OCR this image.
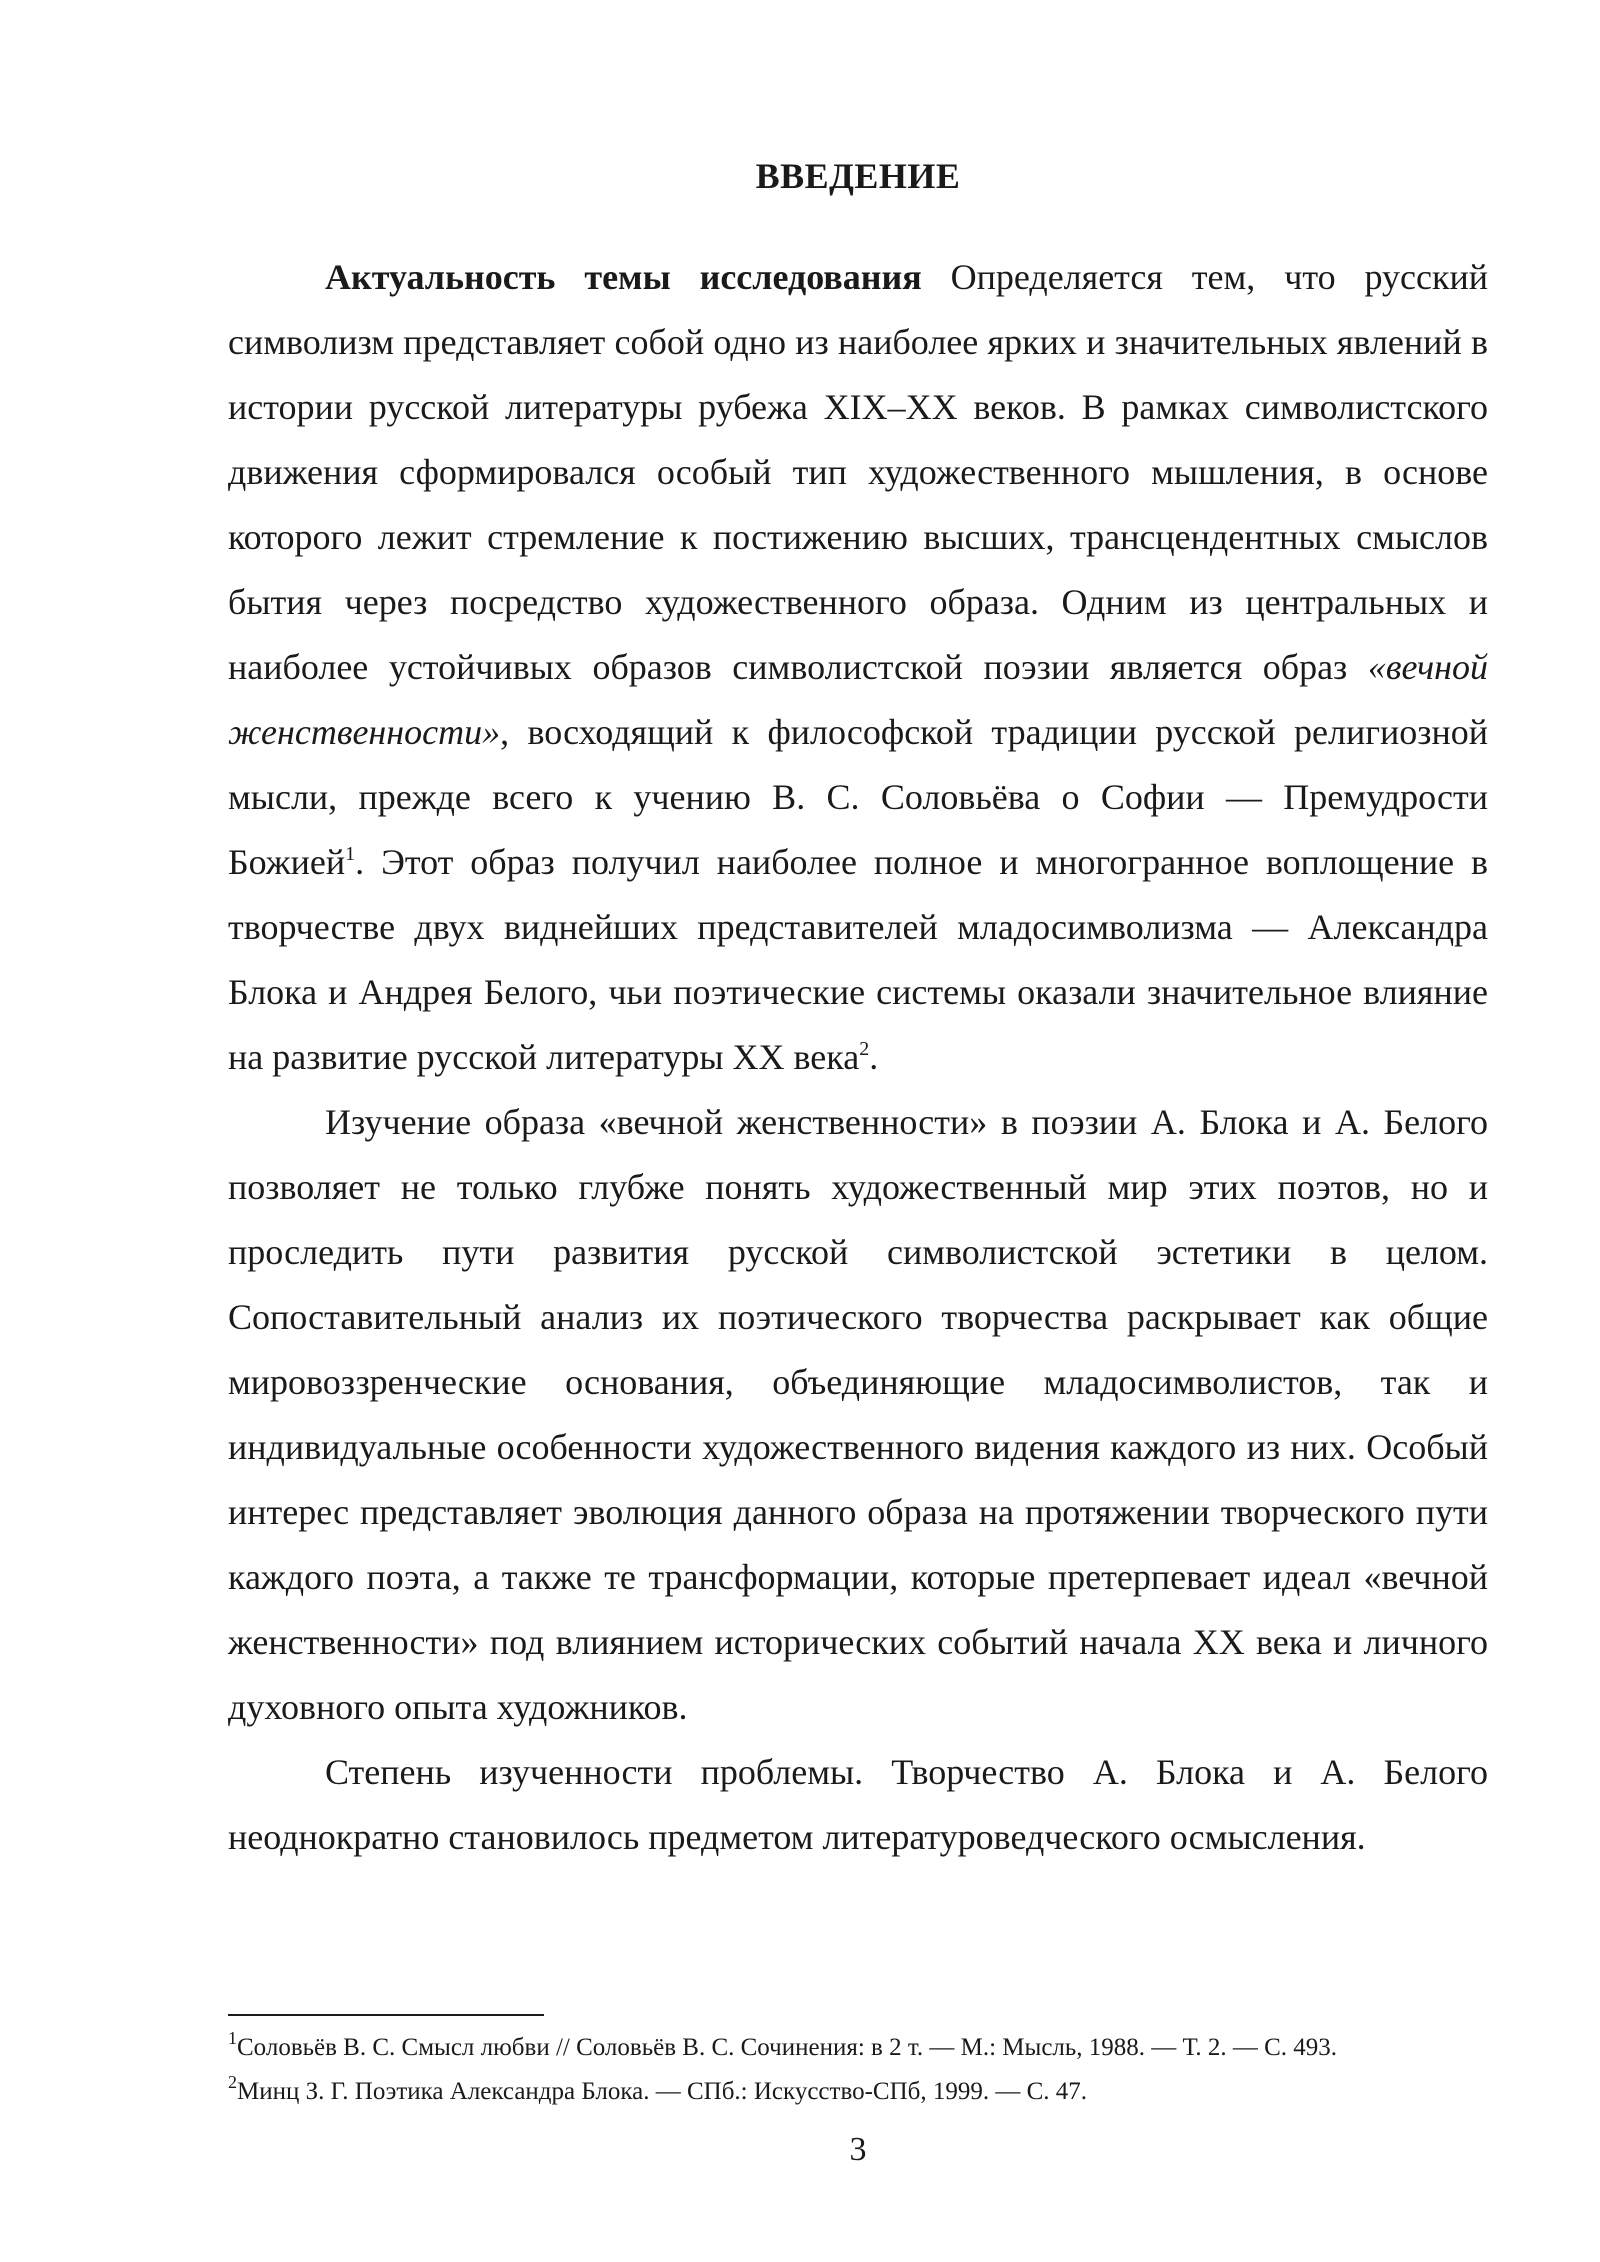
ВВЕДЕНИЕ

Актуальность темы исследования Определяется тем, что русский символизм представляет собой одно из наиболее ярких и значительных явлений в истории русской литературы рубежа XIX–XX веков. В рамках символистского движения сформировался особый тип художественного мышления, в основе которого лежит стремление к постижению высших, трансцендентных смыслов бытия через посредство художественного образа. Одним из центральных и наиболее устойчивых образов символистской поэзии является образ «вечной женственности», восходящий к философской традиции русской религиозной мысли, прежде всего к учению В. С. Соловьёва о Софии — Премудрости Божией$^1$. Этот образ получил наиболее полное и многогранное воплощение в творчестве двух виднейших представителей младосимволизма — Александра Блока и Андрея Белого, чьи поэтические системы оказали значительное влияние на развитие русской литературы XX века$^2$.

Изучение образа «вечной женственности» в поэзии А. Блока и А. Белого позволяет не только глубже понять художественный мир этих поэтов, но и проследить пути развития русской символистской эстетики в целом. Сопоставительный анализ их поэтического творчества раскрывает как общие мировоззренческие основания, объединяющие младосимволистов, так и индивидуальные особенности художественного видения каждого из них. Особый интерес представляет эволюция данного образа на протяжении творческого пути каждого поэта, а также те трансформации, которые претерпевает идеал «вечной женственности» под влиянием исторических событий начала XX века и личного духовного опыта художников.

Степень изученности проблемы. Творчество А. Блока и А. Белого неоднократно становилось предметом литературоведческого осмысления.

$^1$Соловьёв В. С. Смысл любви // Соловьёв В. С. Сочинения: в 2 т. — М.: Мысль, 1988. — Т. 2. — С. 493.

$^2$Минц З. Г. Поэтика Александра Блока. — СПб.: Искусство-СПб, 1999. — С. 47.

3
